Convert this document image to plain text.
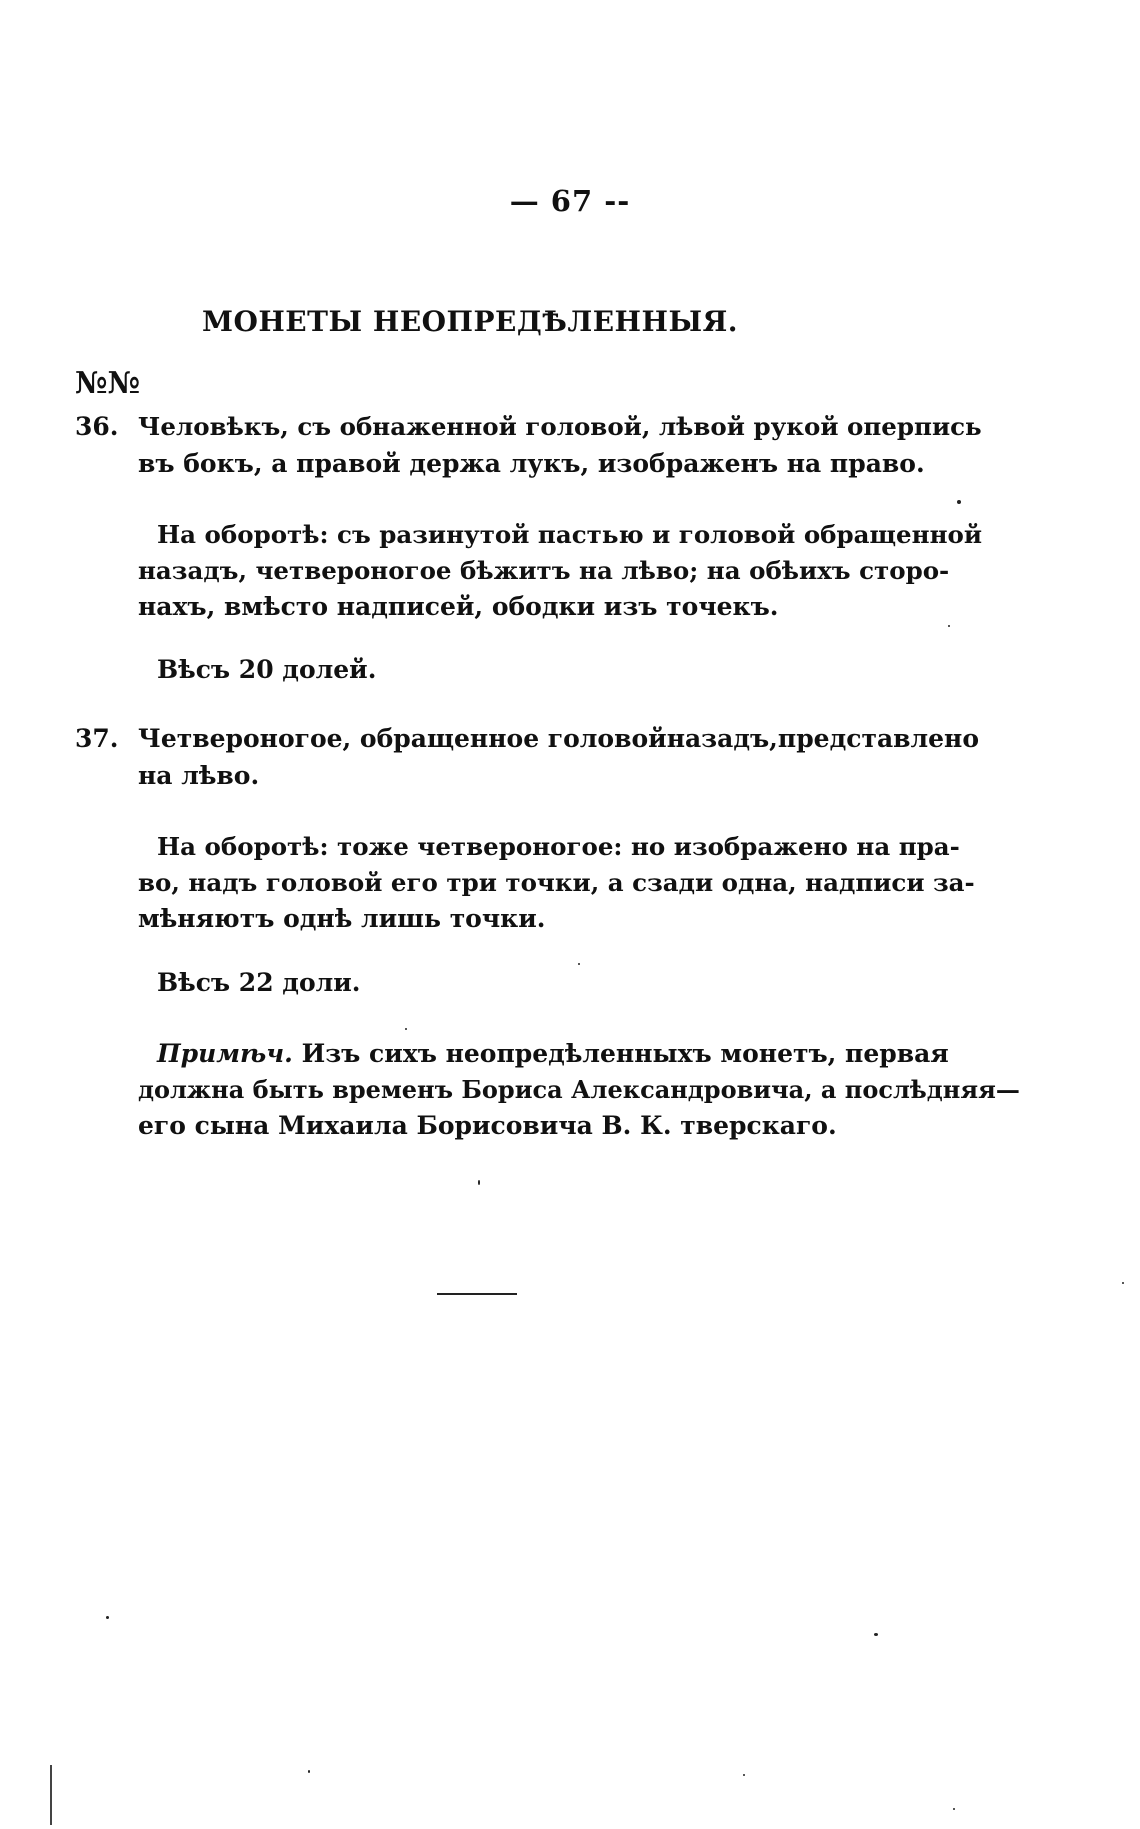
— 67 --
МОНЕТЫ НЕОПРЕДѢЛЕННЫЯ.
№№
36. Человѣкъ, съ обнаженной головой, лѣвой рукой оперпись
въ бокъ, а правой держа лукъ, изображенъ на право.
На оборотѣ: съ разинутой пастью и головой обращенной
назадъ, четвероногое бѣжитъ на лѣво; на обѣихъ сторо-
нахъ, вмѣсто надписей, ободки изъ точекъ.
Вѣсъ 20 долей.
37. Четвероногое, обращенное головой назадъ, представлено
на лѣво.
На оборотѣ: тоже четвероногое: но изображено на пра-
во, надъ головой его три точки, а сзади одна, надписи за-
мѣняютъ однѣ лишь точки.
Вѣсъ 22 доли.
Примѣч. Изъ сихъ неопредѣленныхъ монетъ, первая
должна быть временъ Бориса Александровича, а послѣдняя—
его сына Михаила Борисовича В. К. тверскаго.
